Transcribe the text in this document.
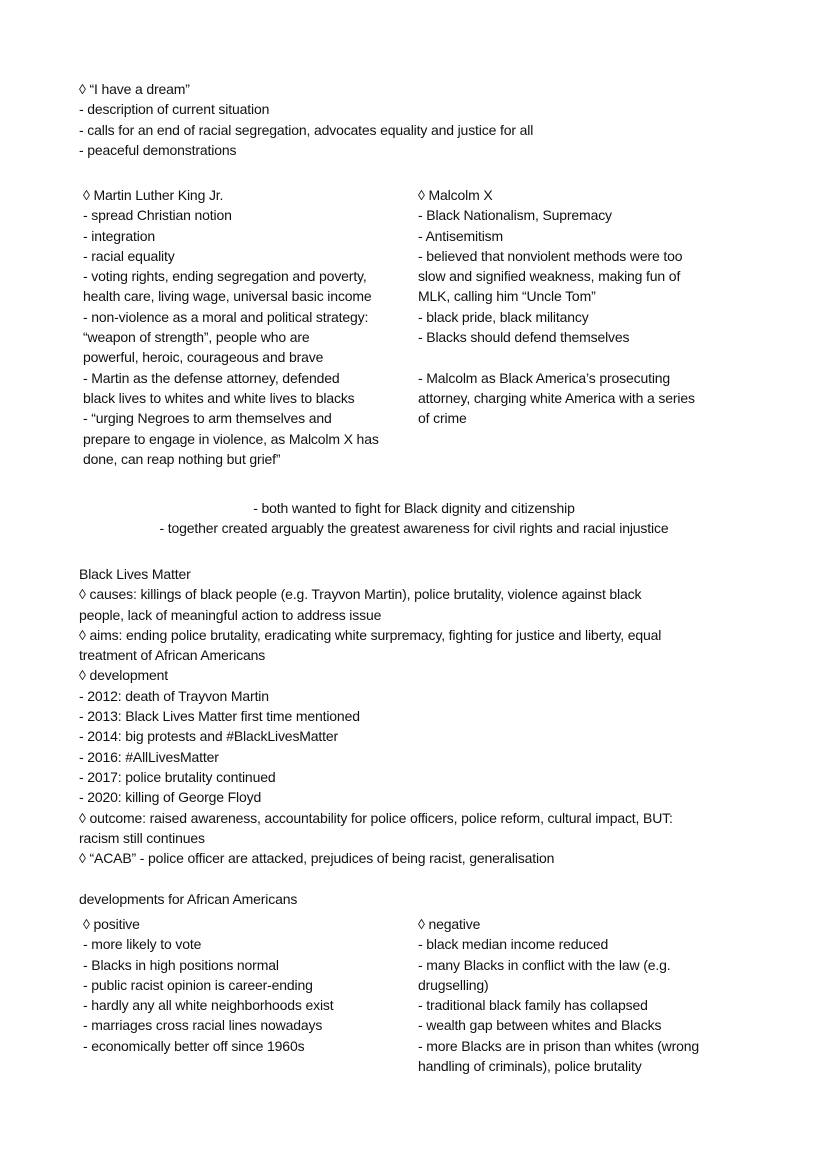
◊ “I have a dream”
- description of current situation
- calls for an end of racial segregation, advocates equality and justice for all
- peaceful demonstrations
◊ Martin Luther King Jr.
- spread Christian notion
- integration
- racial equality
- voting rights, ending segregation and poverty,
health care, living wage, universal basic income
- non-violence as a moral and political strategy:
“weapon of strength”, people who are
powerful, heroic, courageous and brave
- Martin as the defense attorney, defended
black lives to whites and white lives to blacks
- “urging Negroes to arm themselves and
prepare to engage in violence, as Malcolm X has
done, can reap nothing but grief”
◊ Malcolm X
- Black Nationalism, Supremacy
- Antisemitism
- believed that nonviolent methods were too
slow and signified weakness, making fun of
MLK, calling him “Uncle Tom”
- black pride, black militancy
- Blacks should defend themselves
- Malcolm as Black America’s prosecuting
attorney, charging white America with a series
of crime
- both wanted to fight for Black dignity and citizenship
- together created arguably the greatest awareness for civil rights and racial injustice
Black Lives Matter
◊ causes: killings of black people (e.g. Trayvon Martin), police brutality, violence against black
people, lack of meaningful action to address issue
◊ aims: ending police brutality, eradicating white surpremacy, fighting for justice and liberty, equal
treatment of African Americans
◊ development
- 2012: death of Trayvon Martin
- 2013: Black Lives Matter first time mentioned
- 2014: big protests and #BlackLivesMatter
- 2016: #AllLivesMatter
- 2017: police brutality continued
- 2020: killing of George Floyd
◊ outcome: raised awareness, accountability for police officers, police reform, cultural impact, BUT:
racism still continues
◊ “ACAB” - police officer are attacked, prejudices of being racist, generalisation
developments for African Americans
◊ positive
- more likely to vote
- Blacks in high positions normal
- public racist opinion is career-ending
- hardly any all white neighborhoods exist
- marriages cross racial lines nowadays
- economically better off since 1960s
◊ negative
- black median income reduced
- many Blacks in conflict with the law (e.g.
drugselling)
- traditional black family has collapsed
- wealth gap between whites and Blacks
- more Blacks are in prison than whites (wrong
handling of criminals), police brutality
